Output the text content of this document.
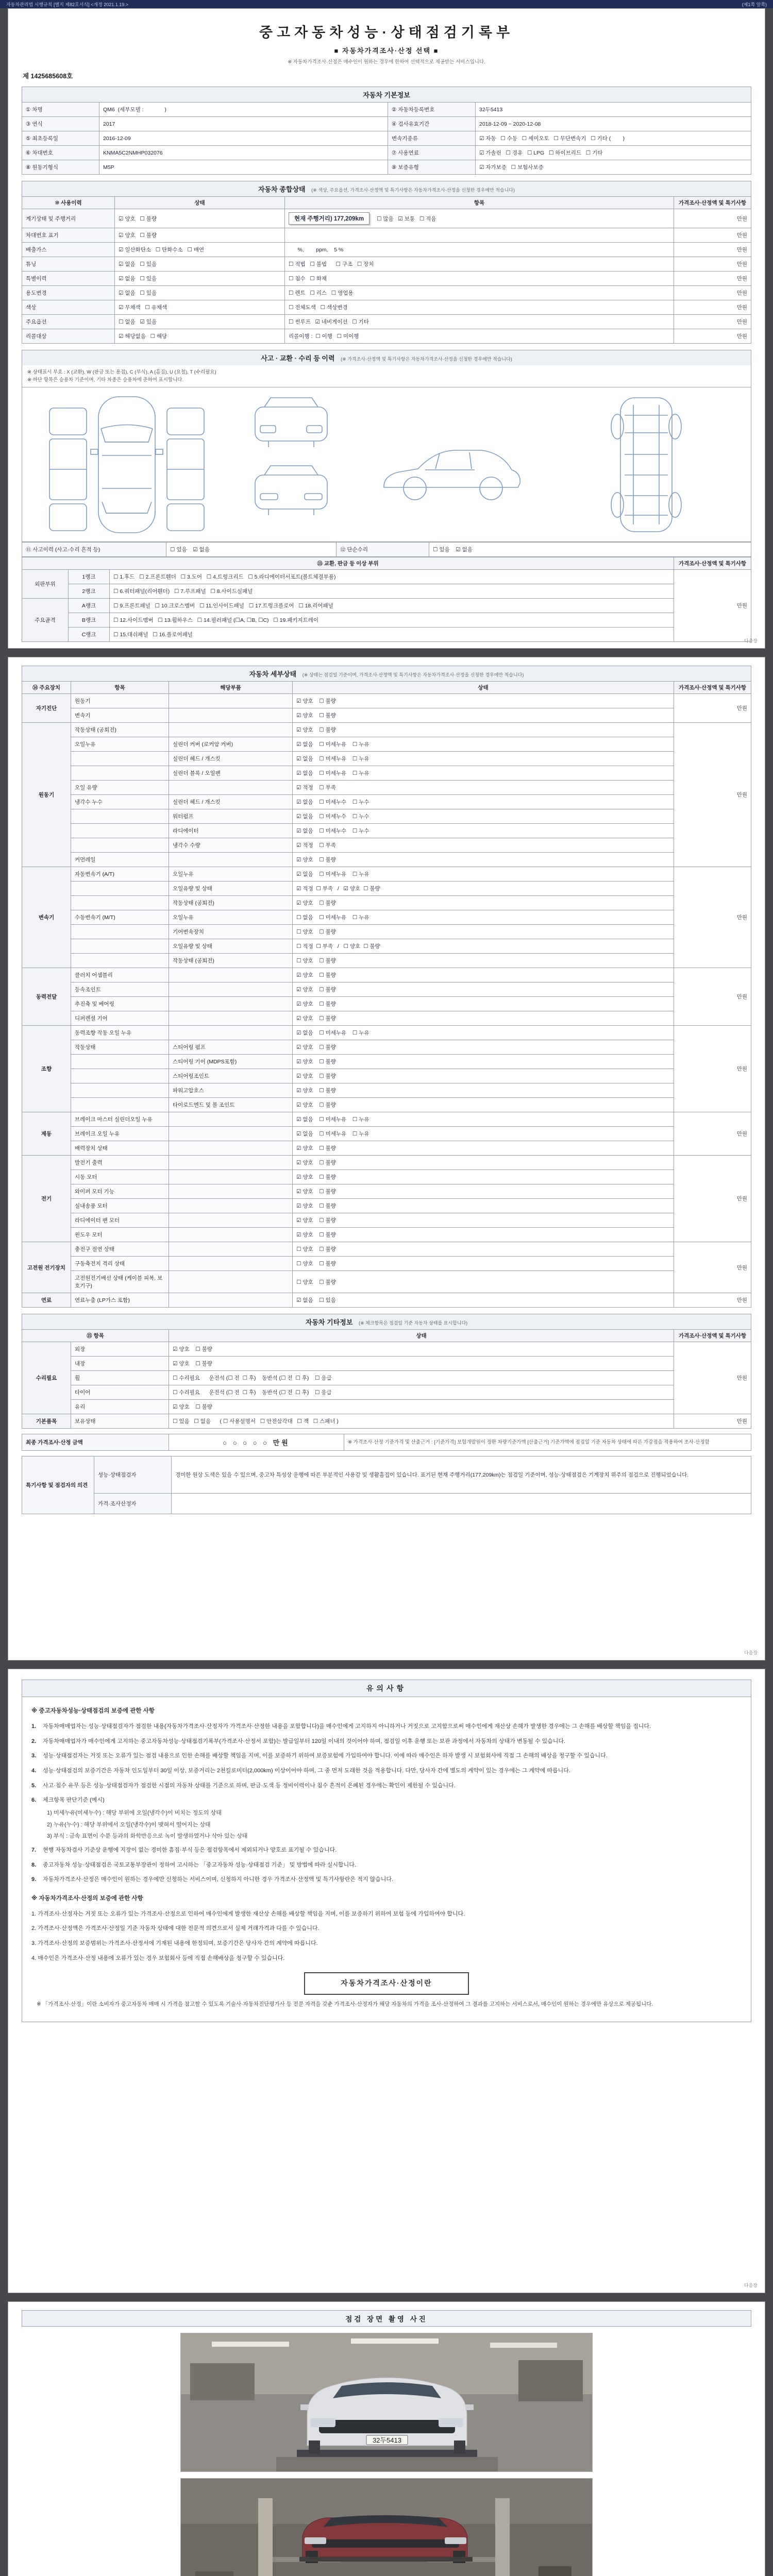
자동차관리법 시행규칙 [별지 제82호서식] <개정 2021.1.19.>	(제1쪽 앞쪽)
중고자동차성능·상태점검기록부
■ 자동차가격조사·산정 선택 ■
※ 자동차가격조사·산정은 매수인이 원하는 경우에 한하여 선택적으로 제공받는 서비스입니다.
제 1425685608호
자동차 기본정보
① 차명	QM6  (세부모델 :              )	② 자동차등록번호	32두5413
③ 연식	2017	④ 검사유효기간	2018-12-09 ~ 2020-12-08
⑤ 최초등록일	2016-12-09	변속기종류	☑ 자동   ☐ 수동   ☐ 세미오토   ☐ 무단변속기   ☐ 기타 (        )
⑥ 차대번호	KNMA5C2NMHP032076	⑦ 사용연료	☑ 가솔린   ☐ 경유   ☐ LPG   ☐ 하이브리드   ☐ 기타
⑧ 원동기형식	M5P	⑨ 보증유형	☑ 자가보증   ☐ 보험사보증
자동차 종합상태 (※ 색상, 주요옵션, 가격조사·산정액 및 특기사항은 자동차가격조사·산정을 신청한 경우에만 적습니다)
⑩ 사용이력	상태	항목	가격조사·산정액 및 특기사항
계기상태 및 주행거리	☑ 양호   ☐ 불량	현재 주행거리) 177,209km ☐ 많음   ☑ 보통   ☐ 적음	만원
차대번호 표기	☑ 양호   ☐ 불량		만원
배출가스	☑ 일산화탄소   ☐ 탄화수소   ☐ 매연	%,        ppm,    5 %	만원
튜닝	☑ 없음   ☐ 있음	☐ 적법   ☐ 불법      ☐ 구조   ☐ 장치	만원
특별이력	☑ 없음   ☐ 있음	☐ 침수   ☐ 화재	만원
용도변경	☑ 없음   ☐ 있음	☐ 렌트   ☐ 리스   ☐ 영업용	만원
색상	☑ 무채색   ☐ 유채색	☐ 전체도색   ☐ 색상변경	만원
주요옵션	☐ 없음   ☑ 있음	☐ 썬루프   ☑ 네비게이션   ☐ 기타	만원
리콜대상	☑ 해당없음   ☐ 해당	리콜이행 :  ☐ 이행   ☐ 미이행	만원
사고 · 교환 · 수리 등 이력 (※ 가격조사·산정액 및 특기사항은 자동차가격조사·산정을 신청한 경우에만 적습니다)
※ 상태표시 부호 : X (교환), W (판금 또는 용접), C (부식), A (흠집), U (요철), T (수리필요)
※ 하단 항목은 승용차 기준이며, 기타 차종은 승용차에 준하여 표시합니다.
⑪ 사고이력 (사고·수리 흔적 등)	☐ 있음    ☑ 없음	⑫ 단순수리	☐ 있음    ☑ 없음
⑬ 교환, 판금 등 이상 부위			가격조사·산정액 및 특기사항
외판부위	1랭크	☐ 1.후드   ☐ 2.프론트휀더   ☐ 3.도어   ☐ 4.트렁크리드   ☐ 5.라디에이터서포트(볼트체결부품)	만원
	2랭크	☐ 6.쿼터패널(리어휀더)   ☐ 7.루프패널   ☐ 8.사이드실패널	
주요골격	A랭크	☐ 9.프론트패널   ☐ 10.크로스멤버   ☐ 11.인사이드패널   ☐ 17.트렁크플로어   ☐ 18.리어패널	
	B랭크	☐ 12.사이드멤버   ☐ 13.휠하우스   ☐ 14.필러패널 (☐A, ☐B, ☐C)   ☐ 19.패키지트레이	
	C랭크	☐ 15.대쉬패널   ☐ 16.플로어패널	
다음장
자동차 세부상태 (※ 상태는 점검일 기준이며, 가격조사·산정액 및 특기사항은 자동차가격조사·산정을 신청한 경우에만 적습니다)
⑭ 주요장치	항목	해당부품	상태	가격조사·산정액 및 특기사항
자기진단	원동기		☑ 양호    ☐ 불량	만원
	변속기		☑ 양호    ☐ 불량	
원동기	작동상태 (공회전)		☑ 양호    ☐ 불량	만원
	오일누유	실린더 커버 (로커암 커버)	☑ 없음    ☐ 미세누유    ☐ 누유	
		실린더 헤드 / 개스킷	☑ 없음    ☐ 미세누유    ☐ 누유	
		실린더 블록 / 오일팬	☑ 없음    ☐ 미세누유    ☐ 누유	
	오일 유량		☑ 적정    ☐ 부족	
	냉각수 누수	실린더 헤드 / 개스킷	☑ 없음    ☐ 미세누수    ☐ 누수	
		워터펌프	☑ 없음    ☐ 미세누수    ☐ 누수	
		라디에이터	☑ 없음    ☐ 미세누수    ☐ 누수	
		냉각수 수량	☑ 적정    ☐ 부족	
	커먼레일		☑ 양호    ☐ 불량	
변속기	자동변속기 (A/T)	오일누유	☑ 없음    ☐ 미세누유    ☐ 누유	만원
		오일유량 및 상태	☑ 적정  ☐ 부족   /   ☑ 양호  ☐ 불량	
		작동상태 (공회전)	☑ 양호    ☐ 불량	
	수동변속기 (M/T)	오일누유	☐ 없음    ☐ 미세누유    ☐ 누유	
		기어변속장치	☐ 양호    ☐ 불량	
		오일유량 및 상태	☐ 적정  ☐ 부족   /   ☐ 양호  ☐ 불량	
		작동상태 (공회전)	☐ 양호    ☐ 불량	
동력전달	클러치 어셈블리		☑ 양호    ☐ 불량	만원
	등속조인트		☑ 양호    ☐ 불량	
	추진축 및 베어링		☑ 양호    ☐ 불량	
	디퍼렌셜 기어		☑ 양호    ☐ 불량	
조향	동력조향 작동 오일 누유		☑ 없음    ☐ 미세누유    ☐ 누유	만원
	작동상태	스티어링 펌프	☑ 양호    ☐ 불량	
		스티어링 기어 (MDPS포함)	☑ 양호    ☐ 불량	
		스티어링조인트	☑ 양호    ☐ 불량	
		파워고압호스	☑ 양호    ☐ 불량	
		타이로드엔드 및 볼 조인트	☑ 양호    ☐ 불량	
제동	브레이크 마스터 실린더오일 누유		☑ 없음    ☐ 미세누유    ☐ 누유	만원
	브레이크 오일 누유		☑ 없음    ☐ 미세누유    ☐ 누유	
	배력장치 상태		☑ 양호    ☐ 불량	
전기	발전기 출력		☑ 양호    ☐ 불량	만원
	시동 모터		☑ 양호    ☐ 불량	
	와이퍼 모터 기능		☑ 양호    ☐ 불량	
	실내송풍 모터		☑ 양호    ☐ 불량	
	라디에이터 팬 모터		☑ 양호    ☐ 불량	
	윈도우 모터		☑ 양호    ☐ 불량	
고전원 전기장치	충전구 절연 상태		☐ 양호    ☐ 불량	만원
	구동축전지 격리 상태		☐ 양호    ☐ 불량	
	고전원전기배선 상태 (케이블 피복, 보호기구)		☐ 양호    ☐ 불량	
연료	연료누출 (LP가스 포함)		☑ 없음    ☐ 있음	만원
자동차 기타정보 (※ 체크항목은 점검일 기준 자동차 상태를 표시합니다)
⑮ 항목		상태	가격조사·산정액 및 특기사항
수리필요	외장	☑ 양호    ☐ 불량	만원
	내장	☑ 양호    ☐ 불량	
	휠	☐ 수리필요      운전석 (☐ 전  ☐ 후)    동반석 (☐ 전  ☐ 후)    ☐ 응급	
	타이어	☐ 수리필요      운전석 (☐ 전  ☐ 후)    동반석 (☐ 전  ☐ 후)    ☐ 응급	
	유리	☑ 양호    ☐ 불량	
기본품목	보유상태	☐ 있음   ☐ 없음      ( ☐ 사용설명서   ☐ 안전삼각대   ☐ 잭   ☐ 스패너 )	만원
최종 가격조사·산정 금액	○ ○ ○ ○ ○ 만원	※ 가격조사·산정 기준가격 및 산출근거 : [기준가격] 보험개발원이 정한 차량기준가액 [산출근거] 기준가액에 점검일 기준 자동차 상태에 따른 가감점을 적용하여 조사·산정함
특기사항 및 점검자의 의견	성능·상태점검자	경미한 원상 도색은 있을 수 있으며, 중고차 특성상 운행에 따른 부분적인 사용감 및 생활흠집이 있습니다. 표기된 현재 주행거리(177,209km)는 점검일 기준이며, 성능·상태점검은 기계장치 위주의 점검으로 진행되었습니다.
	가격·조사산정자	
다음장
유의사항
※ 중고자동차성능·상태점검의 보증에 관한 사항
1.	자동차매매업자는 성능·상태점검자가 점검한 내용(자동차가격조사·산정자가 가격조사·산정한 내용을 포함합니다)을 매수인에게 고지하지 아니하거나 거짓으로 고지함으로써 매수인에게 재산상 손해가 발생한 경우에는 그 손해를 배상할 책임을 집니다.
2.	자동차매매업자가 매수인에게 고지하는 중고자동차성능·상태점검기록부(가격조사·산정서 포함)는 발급일부터 120일 이내의 것이어야 하며, 점검일 이후 운행 또는 보관 과정에서 자동차의 상태가 변동될 수 있습니다.
3.	성능·상태점검자는 거짓 또는 오류가 있는 점검 내용으로 인한 손해를 배상할 책임을 지며, 이를 보증하기 위하여 보증보험에 가입하여야 합니다. 이에 따라 매수인은 하자 발생 시 보험회사에 직접 그 손해의 배상을 청구할 수 있습니다.
4.	성능·상태점검의 보증기간은 자동차 인도일부터 30일 이상, 보증거리는 2천킬로미터(2,000km) 이상이어야 하며, 그 중 먼저 도래한 것을 적용합니다. 다만, 당사자 간에 별도의 계약이 있는 경우에는 그 계약에 따릅니다.
5.	사고·침수 유무 등은 성능·상태점검자가 점검한 시점의 자동차 상태를 기준으로 하며, 판금·도색 등 정비이력이나 침수 흔적이 은폐된 경우에는 확인이 제한될 수 있습니다.
6.	체크항목 판단기준 (예시)
1) 미세누유(미세누수) : 해당 부위에 오일(냉각수)이 비치는 정도의 상태
2) 누유(누수) : 해당 부위에서 오일(냉각수)이 맺혀서 떨어지는 상태
3) 부식 : 금속 표면이 수분 등과의 화학반응으로 녹이 발생하였거나 삭아 있는 상태
7.	현행 자동차검사 기준상 운행에 지장이 없는 경미한 흠집·부식 등은 점검항목에서 제외되거나 양호로 표기될 수 있습니다.
8.	중고자동차 성능·상태점검은 국토교통부장관이 정하여 고시하는 「중고자동차 성능·상태점검 기준」 및 방법에 따라 실시합니다.
9.	자동차가격조사·산정은 매수인이 원하는 경우에만 신청하는 서비스이며, 신청하지 아니한 경우 가격조사·산정액 및 특기사항란은 적지 않습니다.
※ 자동차가격조사·산정의 보증에 관한 사항
1. 가격조사·산정자는 거짓 또는 오류가 있는 가격조사·산정으로 인하여 매수인에게 발생한 재산상 손해를 배상할 책임을 지며, 이를 보증하기 위하여 보험 등에 가입하여야 합니다.
2. 가격조사·산정액은 가격조사·산정일 기준 자동차 상태에 대한 전문적 의견으로서 실제 거래가격과 다를 수 있습니다.
3. 가격조사·산정의 보증범위는 가격조사·산정서에 기재된 내용에 한정되며, 보증기간은 당사자 간의 계약에 따릅니다.
4. 매수인은 가격조사·산정 내용에 오류가 있는 경우 보험회사 등에 직접 손해배상을 청구할 수 있습니다.
자동차가격조사·산정이란
※ 「가격조사·산정」이란 소비자가 중고자동차 매매 시 가격을 참고할 수 있도록 기술사·자동차진단평가사 등 전문 자격을 갖춘 가격조사·산정자가 해당 자동차의 가격을 조사·산정하여 그 결과를 고지하는 서비스로서, 매수인이 원하는 경우에만 유상으로 제공됩니다.
다음장
점검 장면 촬영 사진
32두5413
